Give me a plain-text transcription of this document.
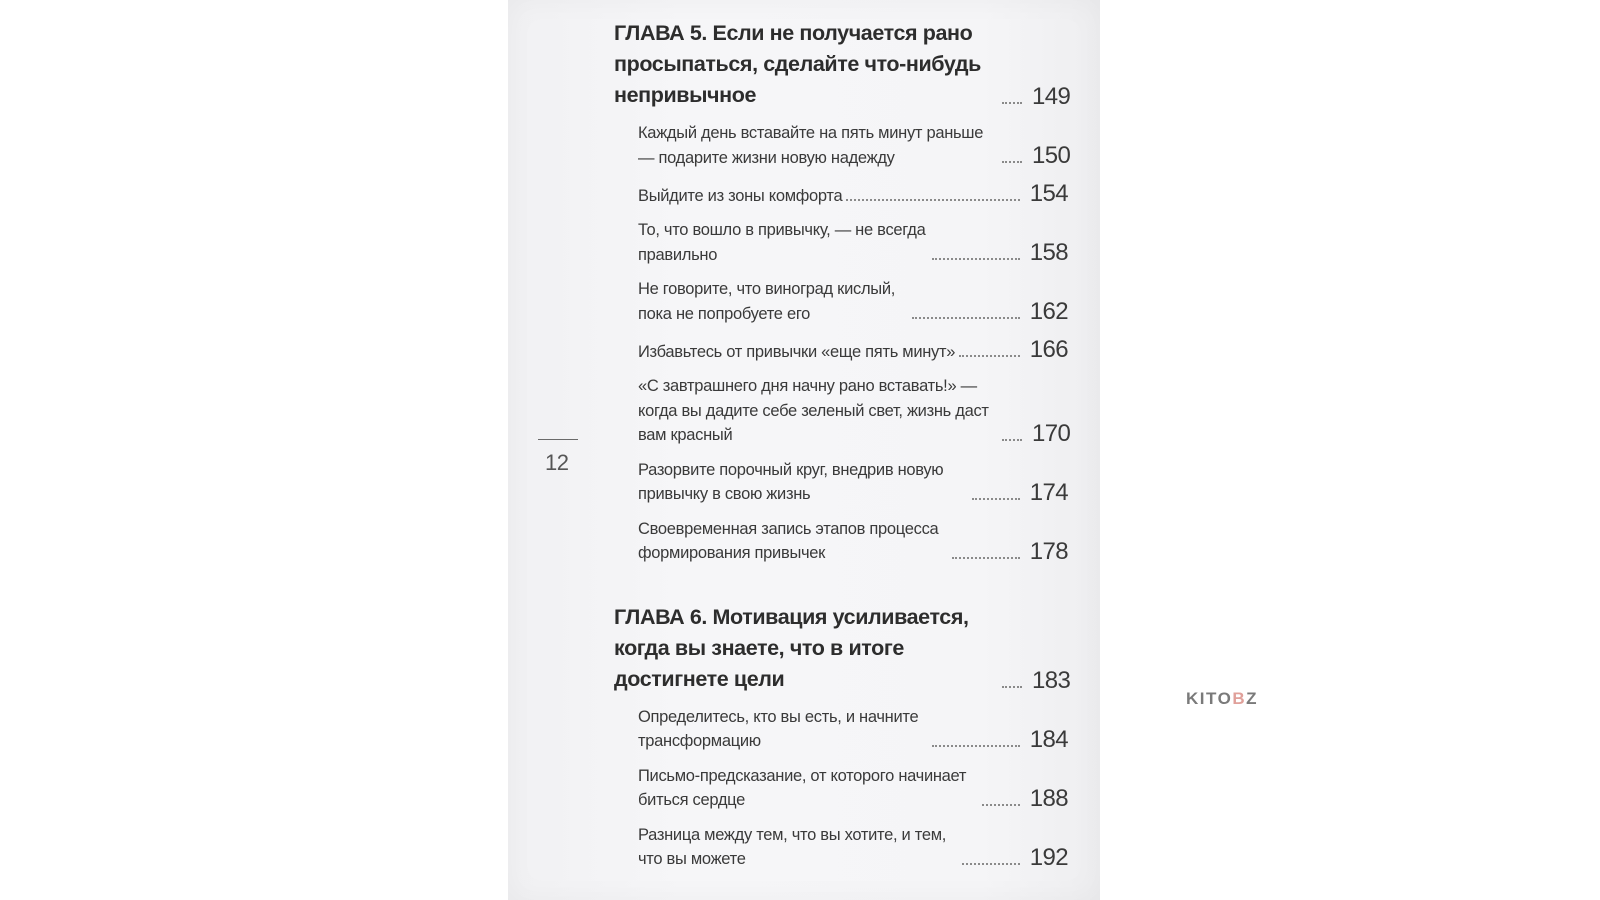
12
ГЛАВА 5. Если не получается рано просыпаться, сделайте что-нибудь непривычное	149
Каждый день вставайте на пять минут раньше — подарите жизни новую надежду	150
Выйдите из зоны комфорта	154
То, что вошло в привычку, — не всегда правильно	158
Не говорите, что виноград кислый, пока не попробуете его	162
Избавьтесь от привычки «еще пять минут»	166
«С завтрашнего дня начну рано вставать!» — когда вы дадите себе зеленый свет, жизнь даст вам красный	170
Разорвите порочный круг, внедрив новую привычку в свою жизнь	174
Своевременная запись этапов процесса формирования привычек	178
ГЛАВА 6. Мотивация усиливается, когда вы знаете, что в итоге достигнете цели	183
Определитесь, кто вы есть, и начните трансформацию	184
Письмо-предсказание, от которого начинает биться сердце	188
Разница между тем, что вы хотите, и тем, что вы можете	192
KITOBZ
